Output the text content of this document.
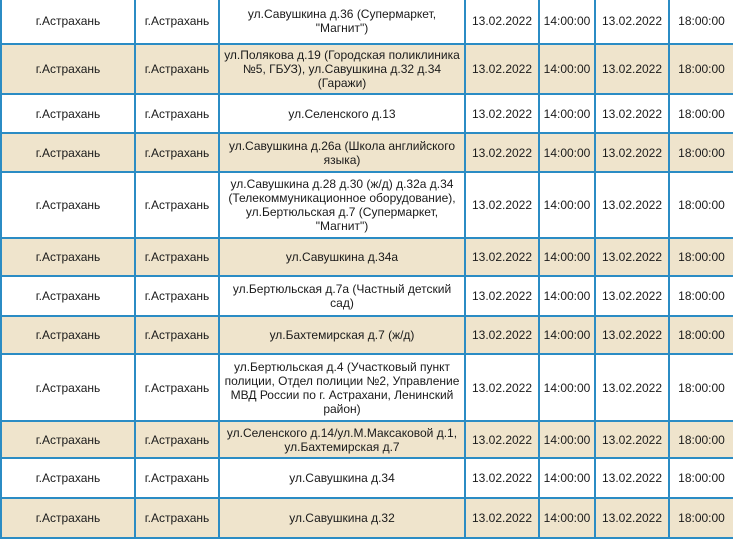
г.Астрахань	г.Астрахань	ул.Савушкина д.36 (Супермаркет, "Магнит")	13.02.2022	14:00:00	13.02.2022	18:00:00
г.Астрахань	г.Астрахань	ул.Полякова д.19 (Городская поликлиника №5, ГБУЗ), ул.Савушкина д.32 д.34 (Гаражи)	13.02.2022	14:00:00	13.02.2022	18:00:00
г.Астрахань	г.Астрахань	ул.Селенского д.13	13.02.2022	14:00:00	13.02.2022	18:00:00
г.Астрахань	г.Астрахань	ул.Савушкина д.26а (Школа английского языка)	13.02.2022	14:00:00	13.02.2022	18:00:00
г.Астрахань	г.Астрахань	ул.Савушкина д.28 д.30 (ж/д) д.32а д.34 (Телекоммуникационное оборудование), ул.Бертюльская д.7 (Супермаркет, "Магнит")	13.02.2022	14:00:00	13.02.2022	18:00:00
г.Астрахань	г.Астрахань	ул.Савушкина д.34а	13.02.2022	14:00:00	13.02.2022	18:00:00
г.Астрахань	г.Астрахань	ул.Бертюльская д.7а (Частный детский сад)	13.02.2022	14:00:00	13.02.2022	18:00:00
г.Астрахань	г.Астрахань	ул.Бахтемирская д.7 (ж/д)	13.02.2022	14:00:00	13.02.2022	18:00:00
г.Астрахань	г.Астрахань	ул.Бертюльская д.4 (Участковый пункт полиции, Отдел полиции №2, Управление МВД России по г. Астрахани, Ленинский район)	13.02.2022	14:00:00	13.02.2022	18:00:00
г.Астрахань	г.Астрахань	ул.Селенского д.14/ул.М.Максаковой д.1, ул.Бахтемирская д.7	13.02.2022	14:00:00	13.02.2022	18:00:00
г.Астрахань	г.Астрахань	ул.Савушкина д.34	13.02.2022	14:00:00	13.02.2022	18:00:00
г.Астрахань	г.Астрахань	ул.Савушкина д.32	13.02.2022	14:00:00	13.02.2022	18:00:00
